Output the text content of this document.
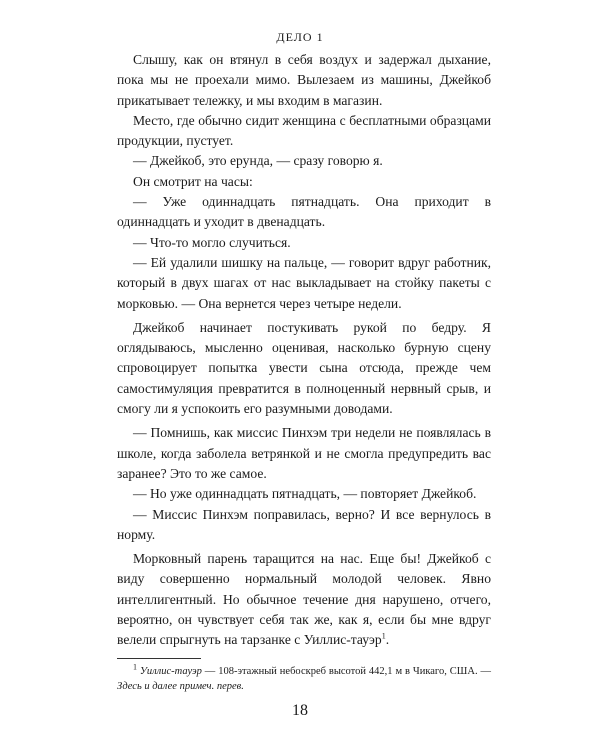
ДЕЛО 1

Слышу, как он втянул в себя воздух и задержал дыхание, пока мы не проехали мимо. Вылезаем из машины, Джейкоб прикатывает тележку, и мы входим в магазин.

Место, где обычно сидит женщина с бесплатными образцами продукции, пустует.

— Джейкоб, это ерунда, — сразу говорю я.

Он смотрит на часы:

— Уже одиннадцать пятнадцать. Она приходит в одиннадцать и уходит в двенадцать.

— Что-то могло случиться.

— Ей удалили шишку на пальце, — говорит вдруг работник, который в двух шагах от нас выкладывает на стойку пакеты с морковью. — Она вернется через четыре недели.

Джейкоб начинает постукивать рукой по бедру. Я оглядываюсь, мысленно оценивая, насколько бурную сцену спровоцирует попытка увести сына отсюда, прежде чем самостимуляция превратится в полноценный нервный срыв, и смогу ли я успокоить его разумными доводами.

— Помнишь, как миссис Пинхэм три недели не появлялась в школе, когда заболела ветрянкой и не смогла предупредить вас заранее? Это то же самое.

— Но уже одиннадцать пятнадцать, — повторяет Джейкоб.

— Миссис Пинхэм поправилась, верно? И все вернулось в норму.

Морковный парень таращится на нас. Еще бы! Джейкоб с виду совершенно нормальный молодой человек. Явно интеллигентный. Но обычное течение дня нарушено, отчего, вероятно, он чувствует себя так же, как я, если бы мне вдруг велели спрыгнуть на тарзанке с Уиллис-тауэр$^1$.

$^1$ Уиллис-тауэр — 108-этажный небоскреб высотой 442,1 м в Чикаго, США. — Здесь и далее примеч. перев.
18
